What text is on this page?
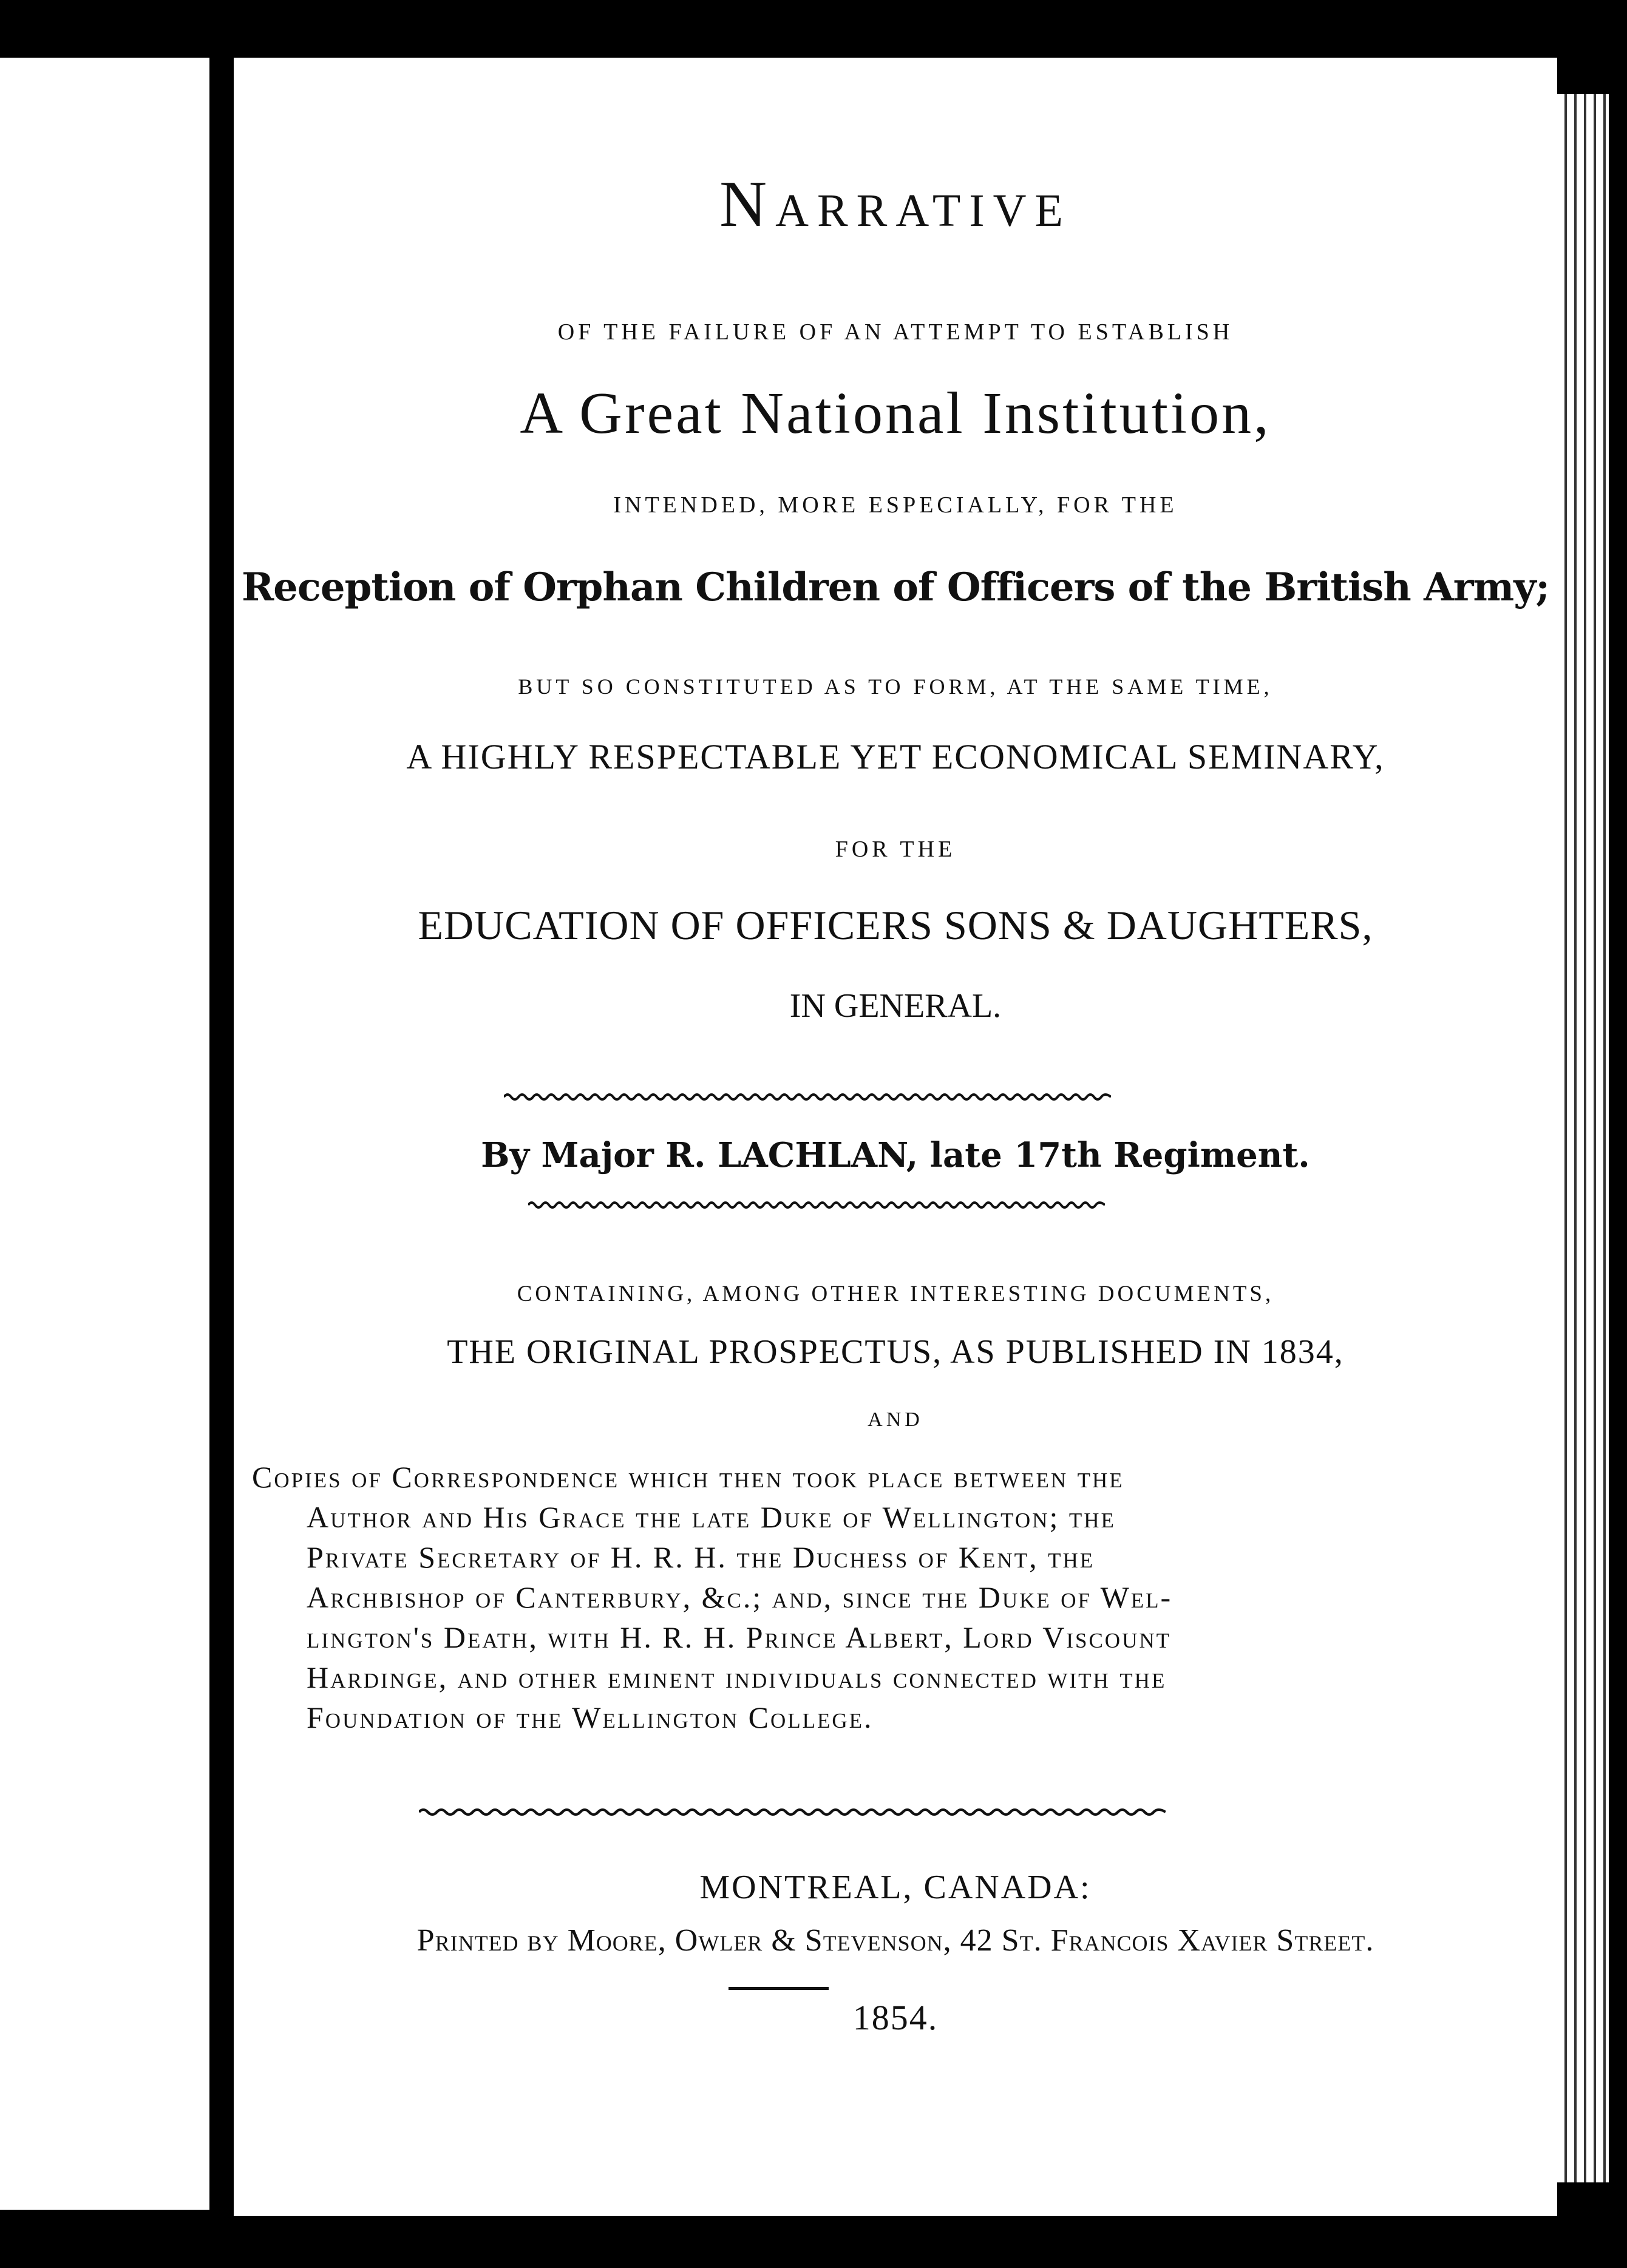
Narrative
OF THE FAILURE OF AN ATTEMPT TO ESTABLISH
A Great National Institution,
INTENDED, MORE ESPECIALLY, FOR THE
Reception of Orphan Children of Officers of the British Army;
BUT SO CONSTITUTED AS TO FORM, AT THE SAME TIME,
A HIGHLY RESPECTABLE YET ECONOMICAL SEMINARY,
FOR THE
EDUCATION OF OFFICERS SONS & DAUGHTERS,
IN GENERAL.
By Major R. LACHLAN, late 17th Regiment.
CONTAINING, AMONG OTHER INTERESTING DOCUMENTS,
THE ORIGINAL PROSPECTUS, AS PUBLISHED IN 1834,
AND
Copies of Correspondence which then took place between the
Author and His Grace the late Duke of Wellington; the
Private Secretary of H. R. H. the Duchess of Kent, the
Archbishop of Canterbury, &c.; and, since the Duke of Wel-
lington's Death, with H. R. H. Prince Albert, Lord Viscount
Hardinge, and other eminent individuals connected with the
Foundation of the Wellington College.
MONTREAL, CANADA:
Printed by Moore, Owler & Stevenson, 42 St. Francois Xavier Street.
1854.
